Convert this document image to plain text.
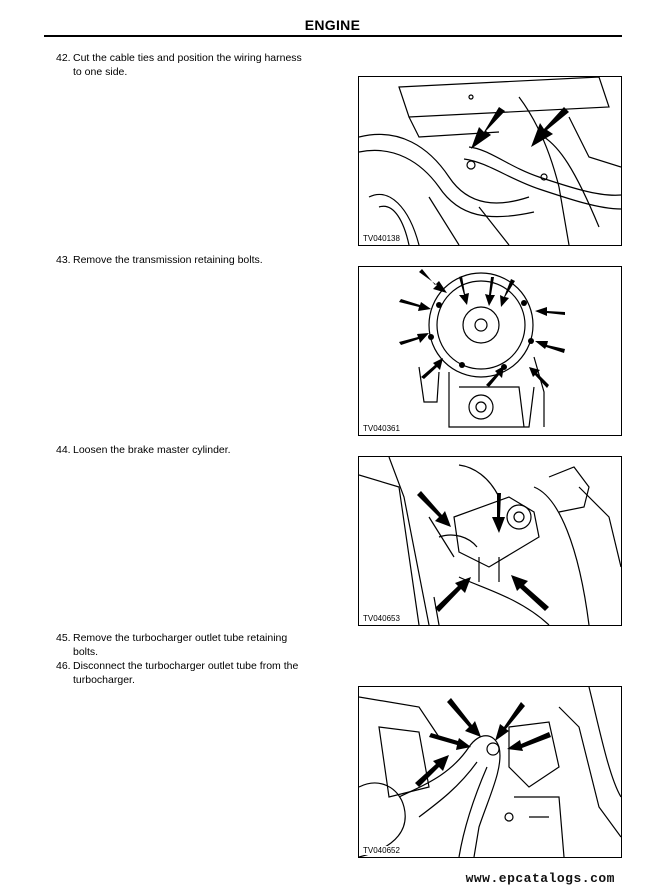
ENGINE
42. Cut the cable ties and position the wiring harness
to one side.
43. Remove the transmission retaining bolts.
44. Loosen the brake master cylinder.
45. Remove the turbocharger outlet tube retaining
bolts.
46. Disconnect the turbocharger outlet tube from the
turbocharger.
TV040138
TV040361
TV040653
TV040652
www.epcatalogs.com
